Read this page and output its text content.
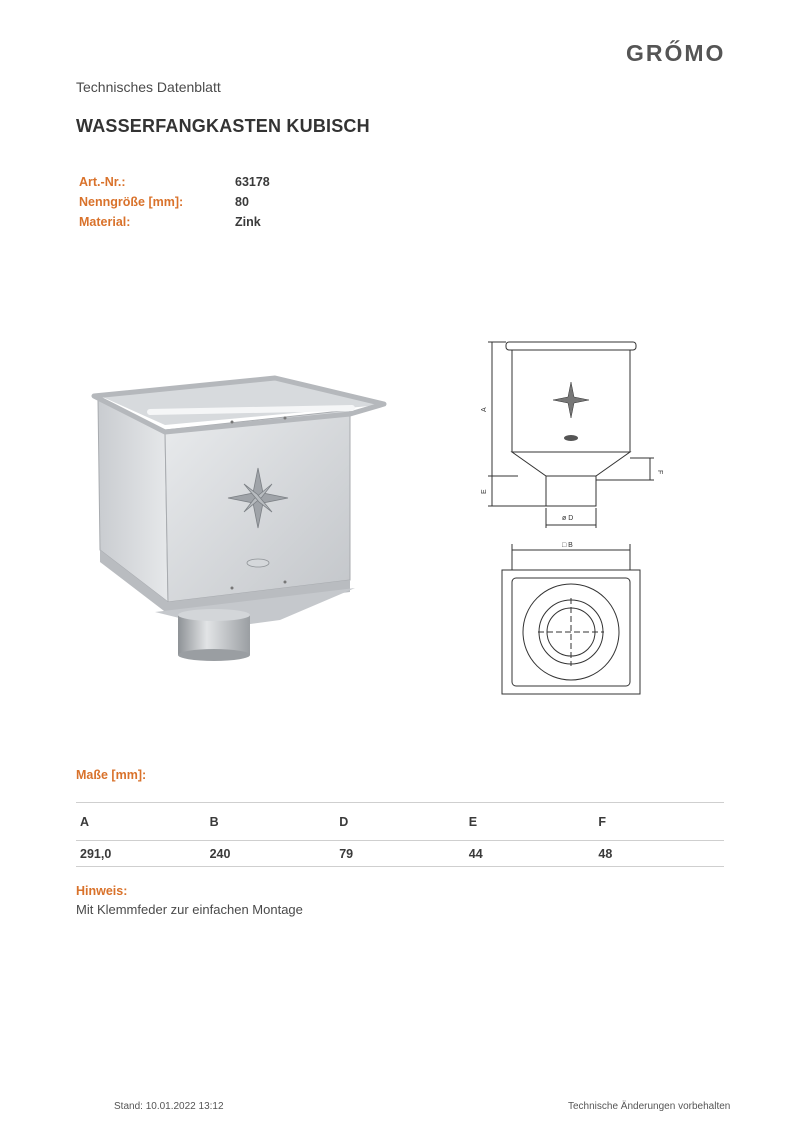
GRŐMO
Technisches Datenblatt
WASSERFANGKASTEN KUBISCH
Art.-Nr.:	63178
Nenngröße [mm]:	80
Material:	Zink
A
E
F
ø D
□ B
Maße [mm]:
A	B	D	E	F
291,0	240	79	44	48
Hinweis:
Mit Klemmfeder zur einfachen Montage
Stand: 10.01.2022 13:12	Technische Änderungen vorbehalten
